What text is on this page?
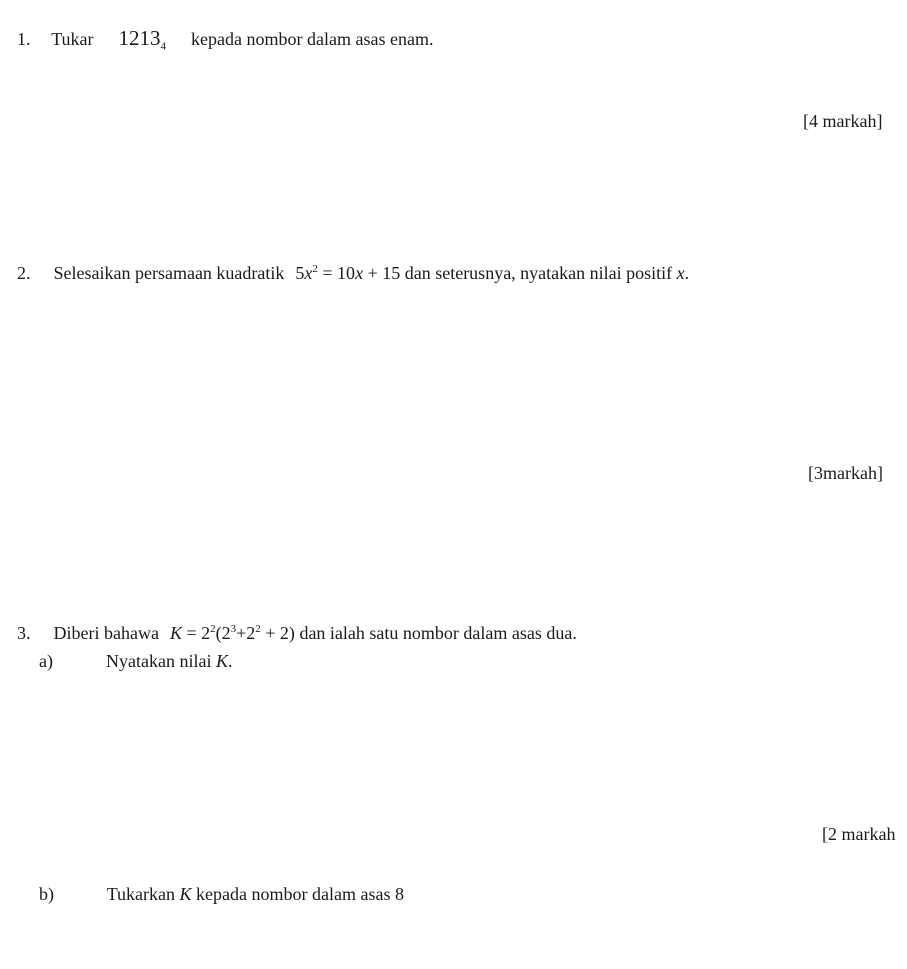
1. Tukar $1213_4$ kepada nombor dalam asas enam.
[4 markah]
2. Selesaikan persamaan kuadratik $5x^2 = 10x + 15$ dan seterusnya, nyatakan nilai positif x.
[3markah]
3. Diberi bahawa $K = 2^2(2^3+2^2 + 2)$ dan ialah satu nombor dalam asas dua.
a)	Nyatakan nilai K.
[2 markah
b)	Tukarkan K kepada nombor dalam asas 8
